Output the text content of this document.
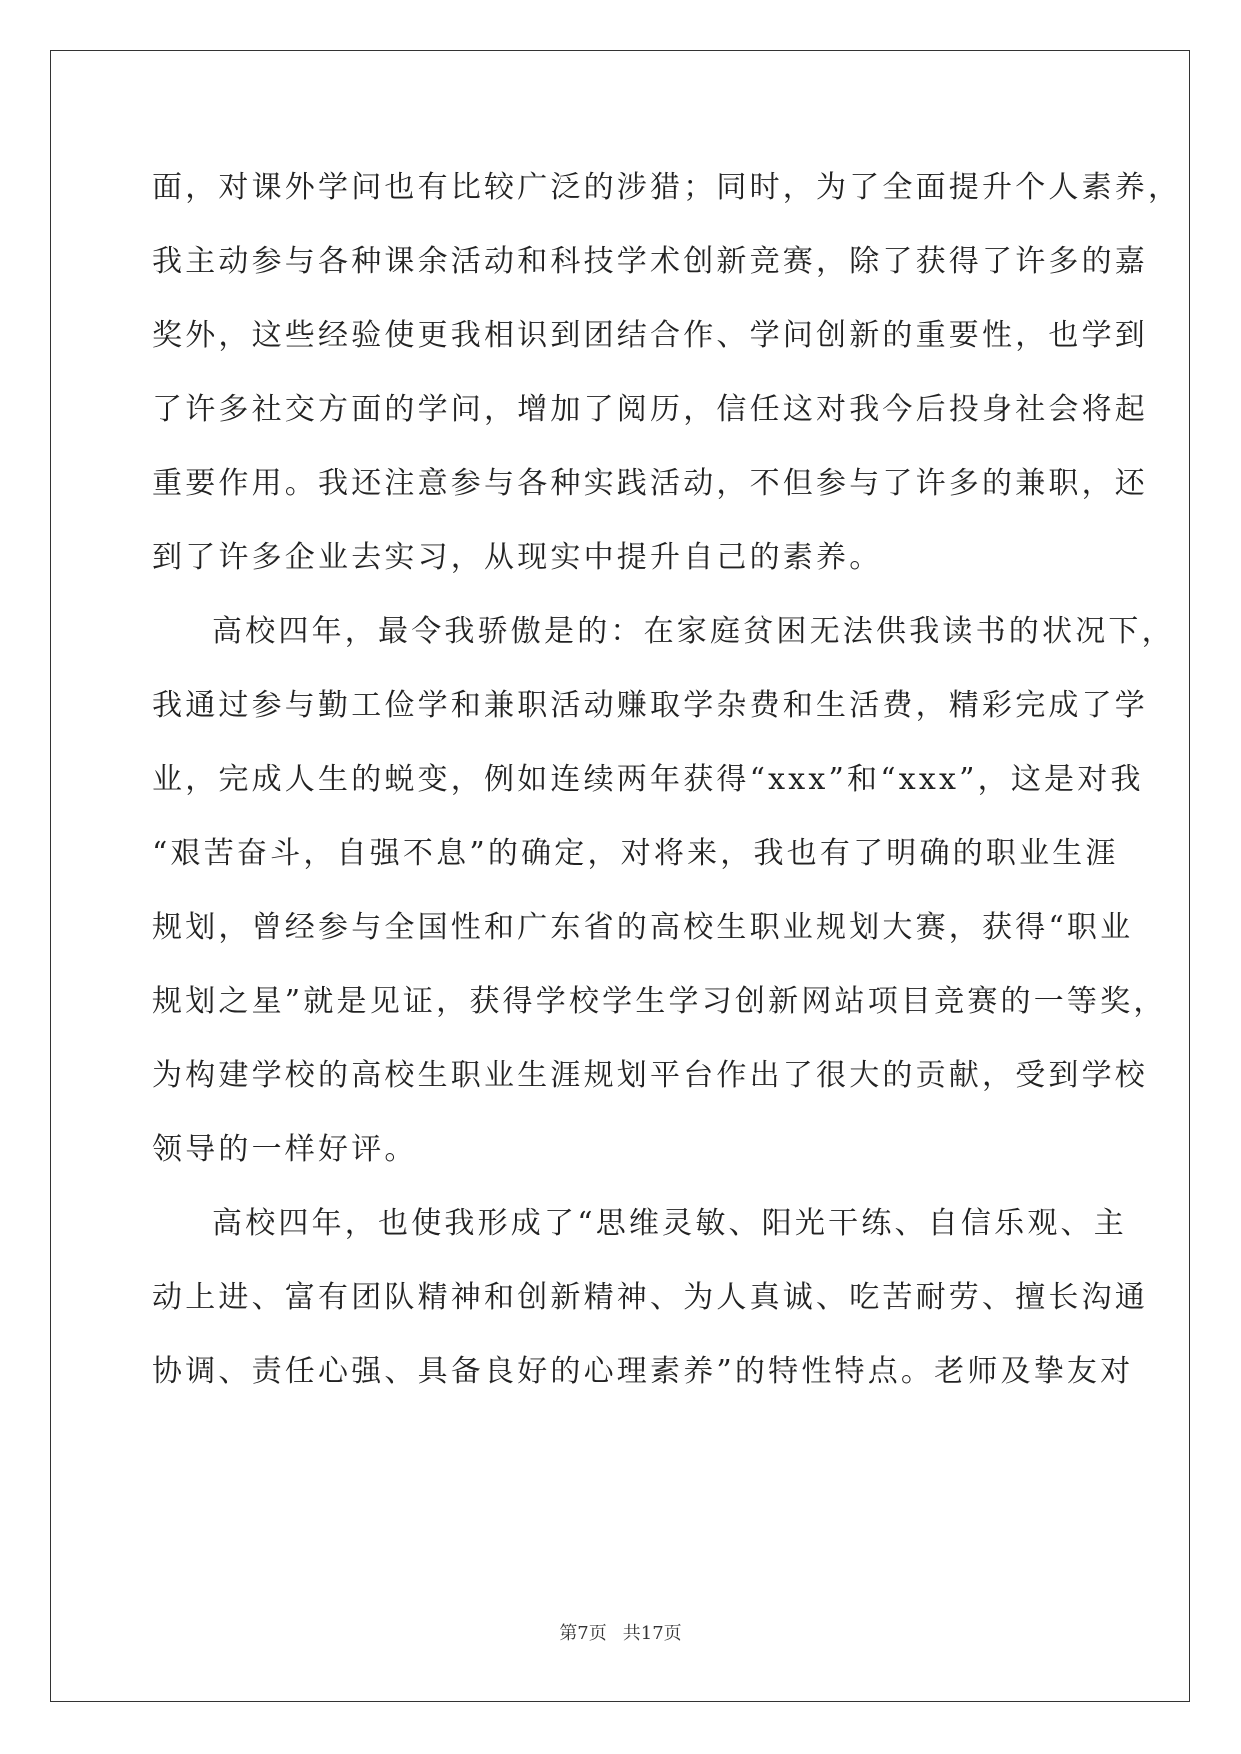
面，对课外学问也有比较广泛的涉猎；同时，为了全面提升个人素养，
我主动参与各种课余活动和科技学术创新竞赛，除了获得了许多的嘉
奖外，这些经验使更我相识到团结合作、学问创新的重要性，也学到
了许多社交方面的学问，增加了阅历，信任这对我今后投身社会将起
重要作用。我还注意参与各种实践活动，不但参与了许多的兼职，还
到了许多企业去实习，从现实中提升自己的素养。
高校四年，最令我骄傲是的：在家庭贫困无法供我读书的状况下，
我通过参与勤工俭学和兼职活动赚取学杂费和生活费，精彩完成了学
业，完成人生的蜕变，例如连续两年获得“xxx”和“xxx”，这是对我
“艰苦奋斗，自强不息”的确定，对将来，我也有了明确的职业生涯
规划，曾经参与全国性和广东省的高校生职业规划大赛，获得“职业
规划之星”就是见证，获得学校学生学习创新网站项目竞赛的一等奖，
为构建学校的高校生职业生涯规划平台作出了很大的贡献，受到学校
领导的一样好评。
高校四年，也使我形成了“思维灵敏、阳光干练、自信乐观、主
动上进、富有团队精神和创新精神、为人真诚、吃苦耐劳、擅长沟通
协调、责任心强、具备良好的心理素养”的特性特点。老师及挚友对
第7页 共17页
